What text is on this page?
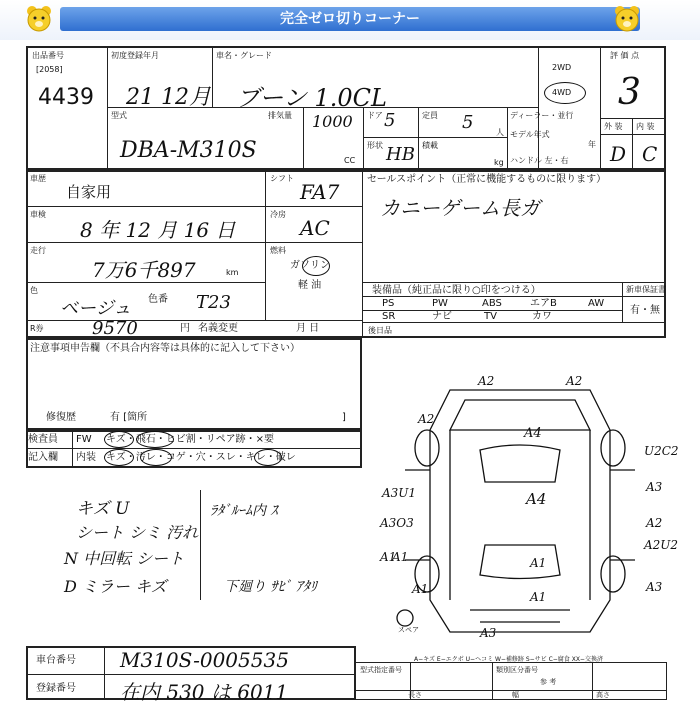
完全ゼロ切りコーナー
出品番号
[2058]
4439
初度登録年月
21 12月
車名・グレード
ブーン 1.0CL
2WD
4WD
評 価 点
3
外 装 内 装
D C
型式
DBA-M310S
排気量 1000
CC
ドア 5	定員 5	人
形状 HB 積載
kg
ディーラー・並行
モデル年式
年
ハンドル 左・右
車歴
自家用
シフト
FA7
セールスポイント（正常に機能するものに限ります）
カニーゲーム長ガ
車検
8 年 12 月 16 日
冷房
AC
走行
7万6千897	km
燃料
ガソリン
軽 油
色
ベージュ 色番 T23
装備品（純正品に限り○印をつける）	新車保証書
有・無
PS	PW	ABS	エアB	AW
SR	ナビ	TV	カワ
後日品
R券	9570	円 名義変更	月 日
注意事項申告欄（不具合内容等は具体的に記入して下さい）
修復歴	有 [箇所	]
検査員
記入欄
FW キズ・飛石・ヒビ割・リペア跡・×要
内装 キズ・汚レ・コゲ・穴・スレ・キレ・破レ
キズ U
シート シミ 汚れ
N 中回転 シート
D ミラー キズ
ﾗﾀﾞﾙｰﾑ内 ｽ
下廻り ｻﾋﾞ ｱﾀﾘ
A2	A2
A4
A2
U2C2
A3
A3U1	A4
A2
A3O3
A2U2
A1	A1
A1
A1	A3
A3
A1
スペア
車台番号 M310S-0005535
登録番号 在内 530 は 6011
型式指定番号	類別区分番号
参 考
長さ	幅	高さ
A−キズ E−エクボ U−ヘコミ W−補修跡 S−サビ C−腐食 XX−交換済
